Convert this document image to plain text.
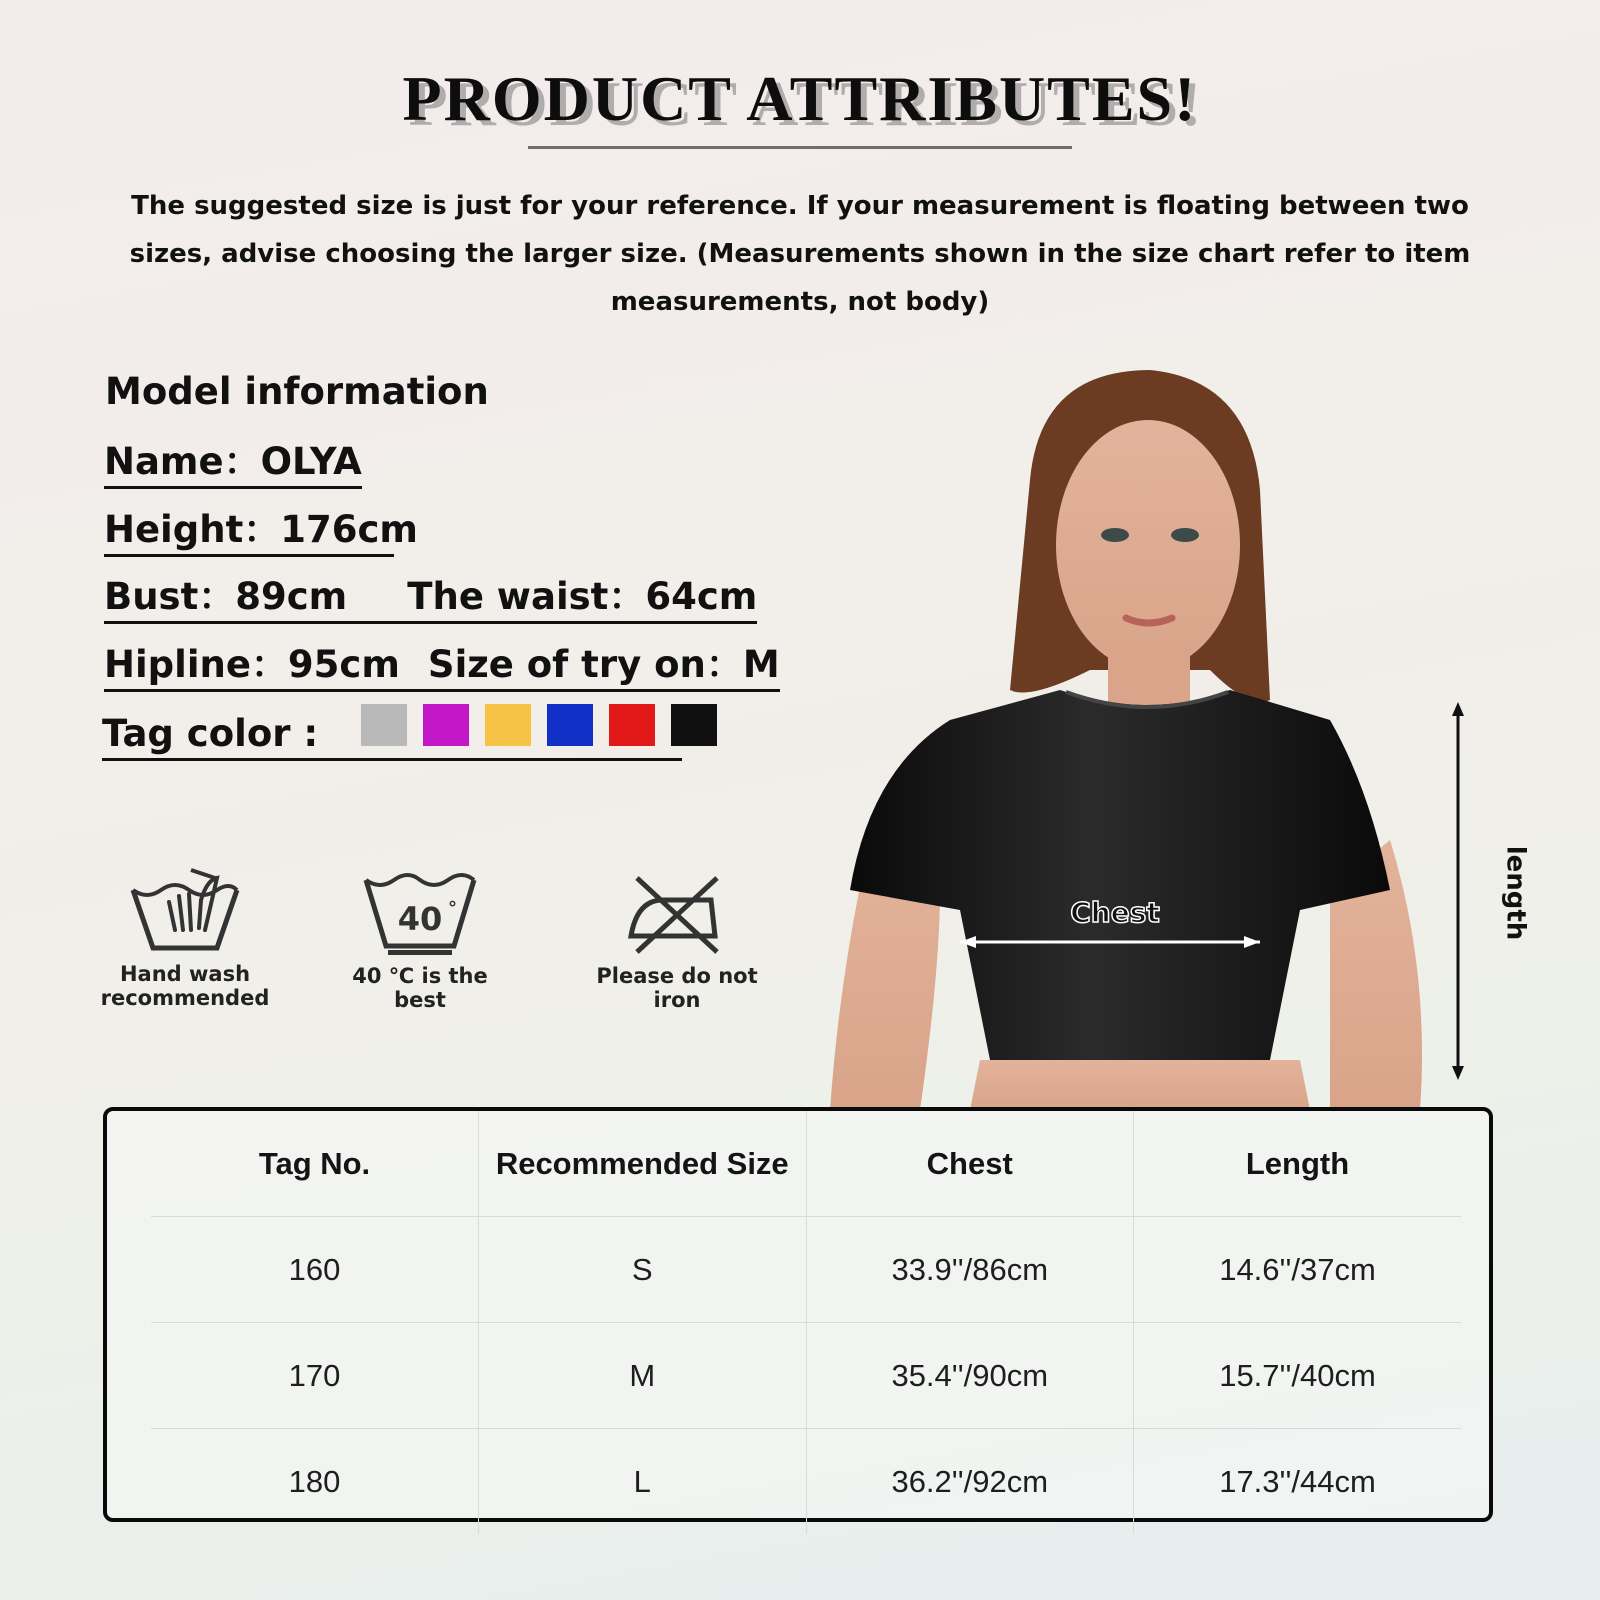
PRODUCT ATTRIBUTES!
The suggested size is just for your reference. If your measurement is floating between two sizes, advise choosing the larger size. (Measurements shown in the size chart refer to item measurements, not body)
Model information
Name：OLYA
Height：176cm
Bust：89cm The waist：64cm
Hipline：95cm Size of try on：M
Tag color :
Hand wash recommended
40 °
40 ℃ is the best
Please do not iron
Chest	length
Tag No.	Recommended Size	Chest	Length
160	S	33.9''/86cm	14.6''/37cm
170	M	35.4''/90cm	15.7''/40cm
180	L	36.2''/92cm	17.3''/44cm
